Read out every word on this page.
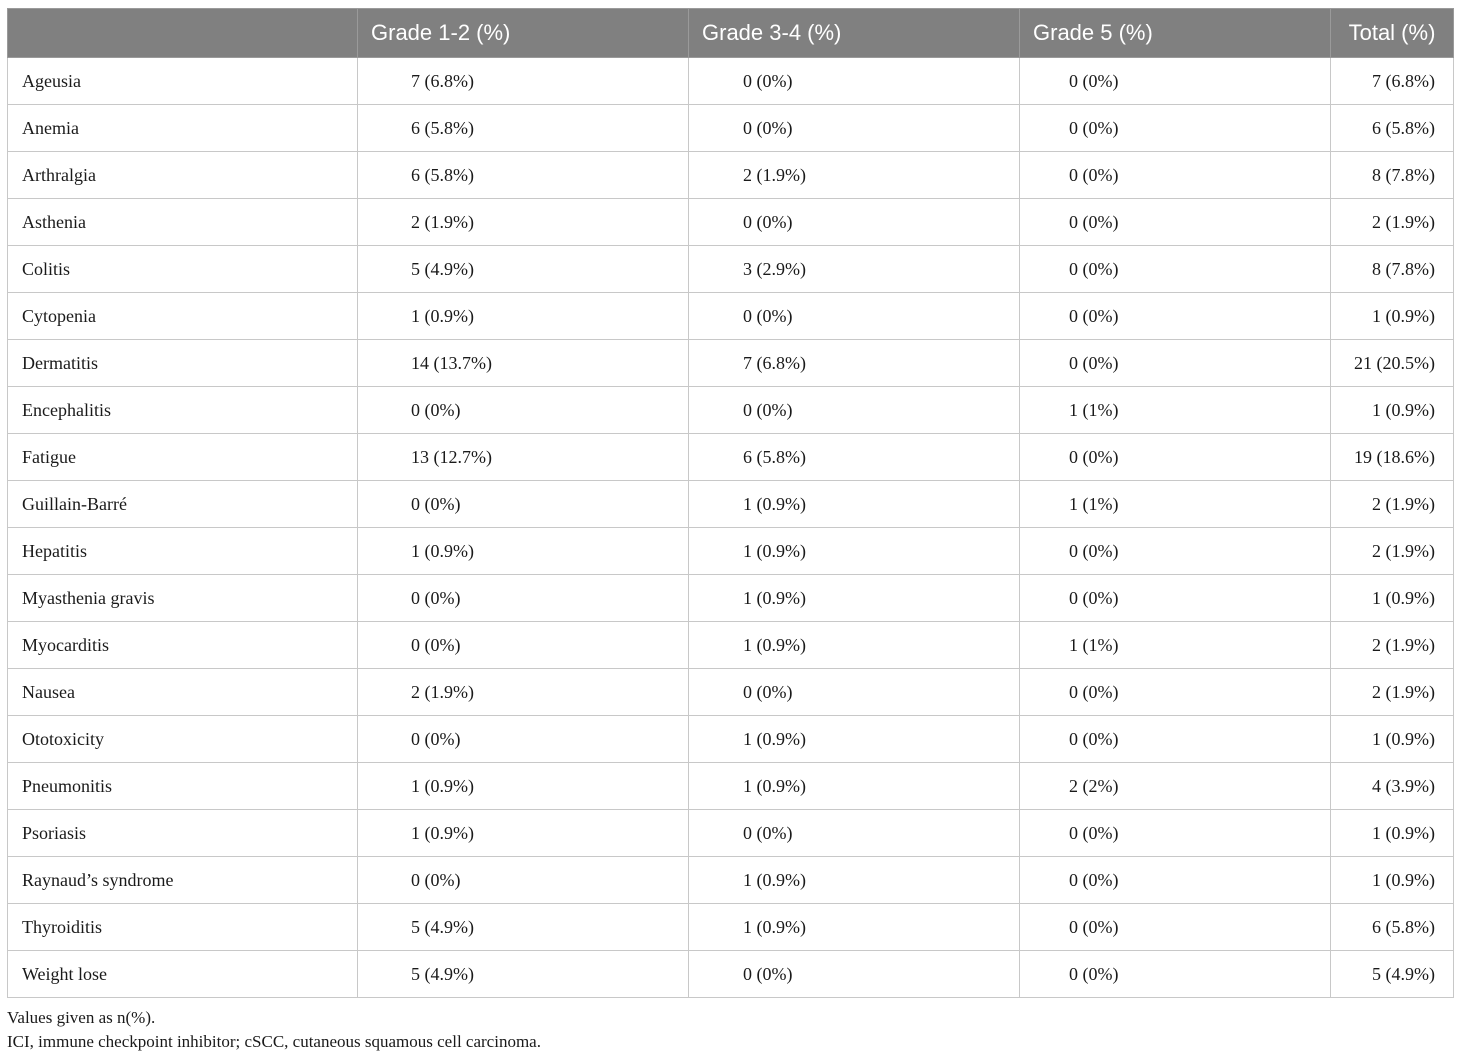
	Grade 1-2 (%)	Grade 3-4 (%)	Grade 5 (%)	Total (%)
Ageusia	7 (6.8%)	0 (0%)	0 (0%)	7 (6.8%)
Anemia	6 (5.8%)	0 (0%)	0 (0%)	6 (5.8%)
Arthralgia	6 (5.8%)	2 (1.9%)	0 (0%)	8 (7.8%)
Asthenia	2 (1.9%)	0 (0%)	0 (0%)	2 (1.9%)
Colitis	5 (4.9%)	3 (2.9%)	0 (0%)	8 (7.8%)
Cytopenia	1 (0.9%)	0 (0%)	0 (0%)	1 (0.9%)
Dermatitis	14 (13.7%)	7 (6.8%)	0 (0%)	21 (20.5%)
Encephalitis	0 (0%)	0 (0%)	1 (1%)	1 (0.9%)
Fatigue	13 (12.7%)	6 (5.8%)	0 (0%)	19 (18.6%)
Guillain-Barré	0 (0%)	1 (0.9%)	1 (1%)	2 (1.9%)
Hepatitis	1 (0.9%)	1 (0.9%)	0 (0%)	2 (1.9%)
Myasthenia gravis	0 (0%)	1 (0.9%)	0 (0%)	1 (0.9%)
Myocarditis	0 (0%)	1 (0.9%)	1 (1%)	2 (1.9%)
Nausea	2 (1.9%)	0 (0%)	0 (0%)	2 (1.9%)
Ototoxicity	0 (0%)	1 (0.9%)	0 (0%)	1 (0.9%)
Pneumonitis	1 (0.9%)	1 (0.9%)	2 (2%)	4 (3.9%)
Psoriasis	1 (0.9%)	0 (0%)	0 (0%)	1 (0.9%)
Raynaud’s syndrome	0 (0%)	1 (0.9%)	0 (0%)	1 (0.9%)
Thyroiditis	5 (4.9%)	1 (0.9%)	0 (0%)	6 (5.8%)
Weight lose	5 (4.9%)	0 (0%)	0 (0%)	5 (4.9%)
Values given as n(%).
ICI, immune checkpoint inhibitor; cSCC, cutaneous squamous cell carcinoma.
